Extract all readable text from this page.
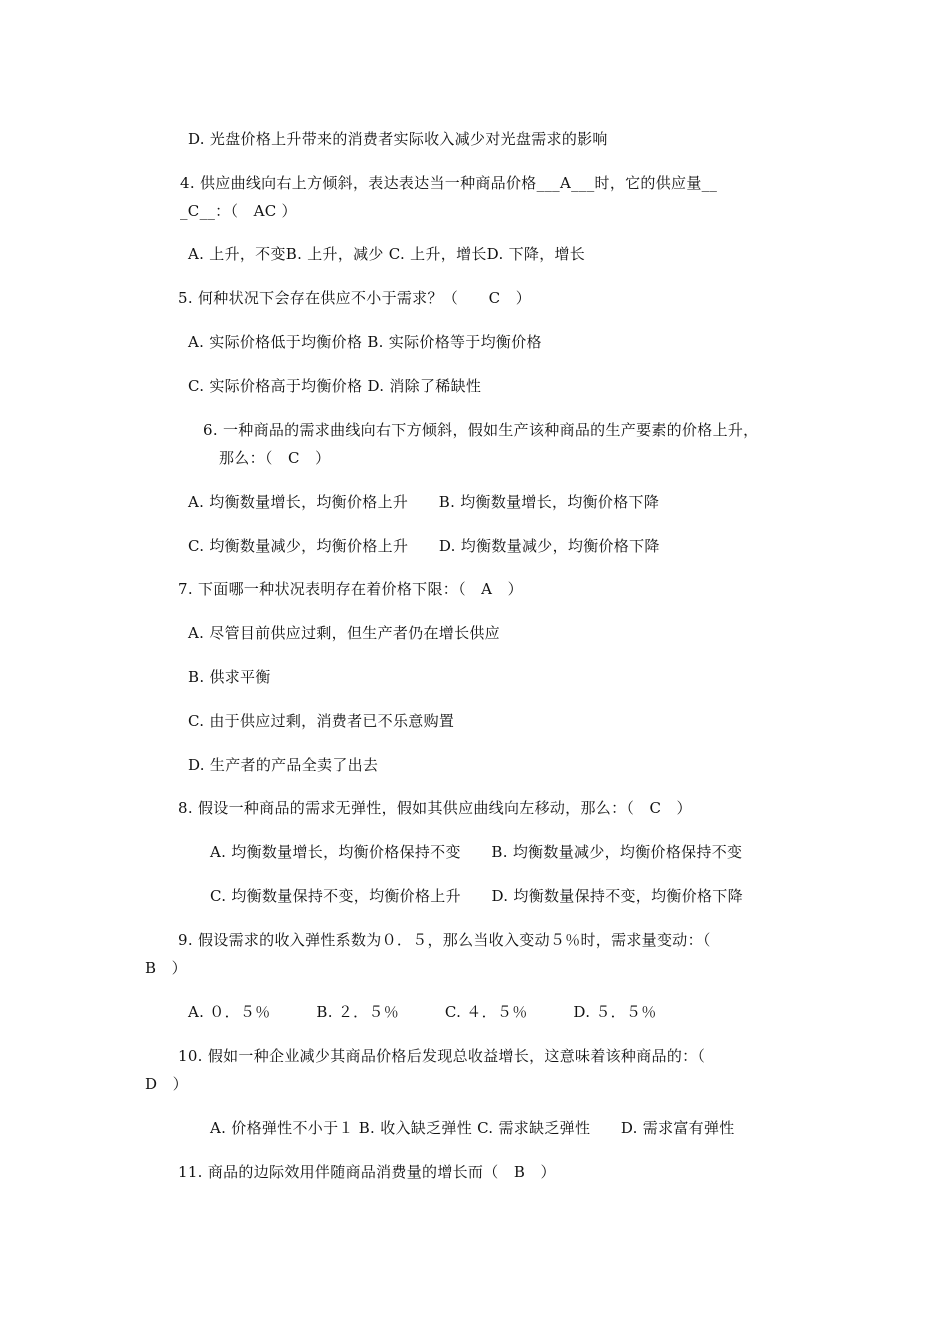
D. 光盘价格上升带来的消费者实际收入减少对光盘需求的影响
4. 供应曲线向右上方倾斜，表达表达当一种商品价格___A___时，它的供应量__
_C__：（　AC ）
A. 上升，不变B. 上升，减少 C. 上升，增长D. 下降，增长
5. 何种状况下会存在供应不小于需求？（　　C　）
A. 实际价格低于均衡价格 B. 实际价格等于均衡价格
C. 实际价格高于均衡价格 D. 消除了稀缺性
6. 一种商品的需求曲线向右下方倾斜，假如生产该种商品的生产要素的价格上升，
那么：（　C　）
A. 均衡数量增长，均衡价格上升　　B. 均衡数量增长，均衡价格下降
C. 均衡数量减少，均衡价格上升　　D. 均衡数量减少，均衡价格下降
7. 下面哪一种状况表明存在着价格下限：（　A　）
A. 尽管目前供应过剩，但生产者仍在增长供应
B. 供求平衡
C. 由于供应过剩，消费者已不乐意购置
D. 生产者的产品全卖了出去
8. 假设一种商品的需求无弹性，假如其供应曲线向左移动，那么：（　C　）
A. 均衡数量增长，均衡价格保持不变　　B. 均衡数量减少，均衡价格保持不变
C. 均衡数量保持不变，均衡价格上升　　D. 均衡数量保持不变，均衡价格下降
9. 假设需求的收入弹性系数为０．５，那么当收入变动５％时，需求量变动：（
B　）
A. ０．５％　　　B. ２．５％　　　C. ４．５％　　　D. ５．５％
10. 假如一种企业减少其商品价格后发现总收益增长，这意味着该种商品的：（
D　）
A. 价格弹性不小于１ B. 收入缺乏弹性 C. 需求缺乏弹性　　D. 需求富有弹性
11. 商品的边际效用伴随商品消费量的增长而（　B　）
